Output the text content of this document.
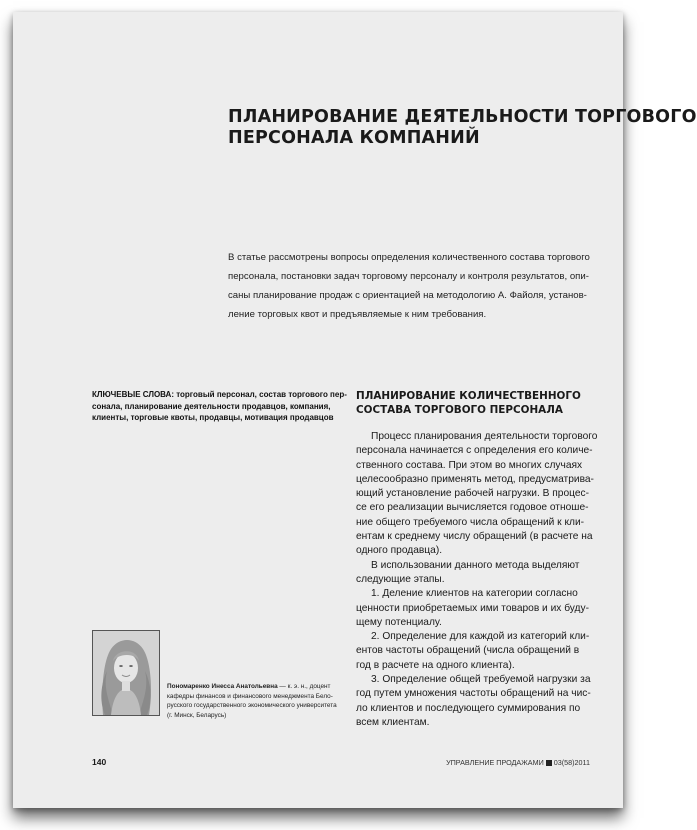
ПЛАНИРОВАНИЕ ДЕЯТЕЛЬНОСТИ ТОРГОВОГО
ПЕРСОНАЛА КОМПАНИЙ
В статье рассмотрены вопросы определения количественного состава торгового
персонала, постановки задач торговому персоналу и контроля результатов, опи-
саны планирование продаж с ориентацией на методологию А. Файоля, установ-
ление торговых квот и предъявляемые к ним требования.
КЛЮЧЕВЫЕ СЛОВА: торговый персонал, состав торгового пер-
сонала, планирование деятельности продавцов, компания,
клиенты, торговые квоты, продавцы, мотивация продавцов
ПЛАНИРОВАНИЕ КОЛИЧЕСТВЕННОГО
СОСТАВА ТОРГОВОГО ПЕРСОНАЛА
Процесс планирования деятельности торгового
персонала начинается с определения его количе-
ственного состава. При этом во многих случаях
целесообразно применять метод, предусматрива-
ющий установление рабочей нагрузки. В процес-
се его реализации вычисляется годовое отноше-
ние общего требуемого числа обращений к кли-
ентам к среднему числу обращений (в расчете на
одного продавца).
В использовании данного метода выделяют
следующие этапы.
1. Деление клиентов на категории согласно
ценности приобретаемых ими товаров и их буду-
щему потенциалу.
2. Определение для каждой из категорий кли-
ентов частоты обращений (числа обращений в
год в расчете на одного клиента).
3. Определение общей требуемой нагрузки за
год путем умножения частоты обращений на чис-
ло клиентов и последующего суммирования по
всем клиентам.
Пономаренко Инесса Анатольевна — к. э. н., доцент
кафедры финансов и финансового менеджмента Бело-
русского государственного экономического университета
(г. Минск, Беларусь)
140	УПРАВЛЕНИЕ ПРОДАЖАМИ 03(58)2011
